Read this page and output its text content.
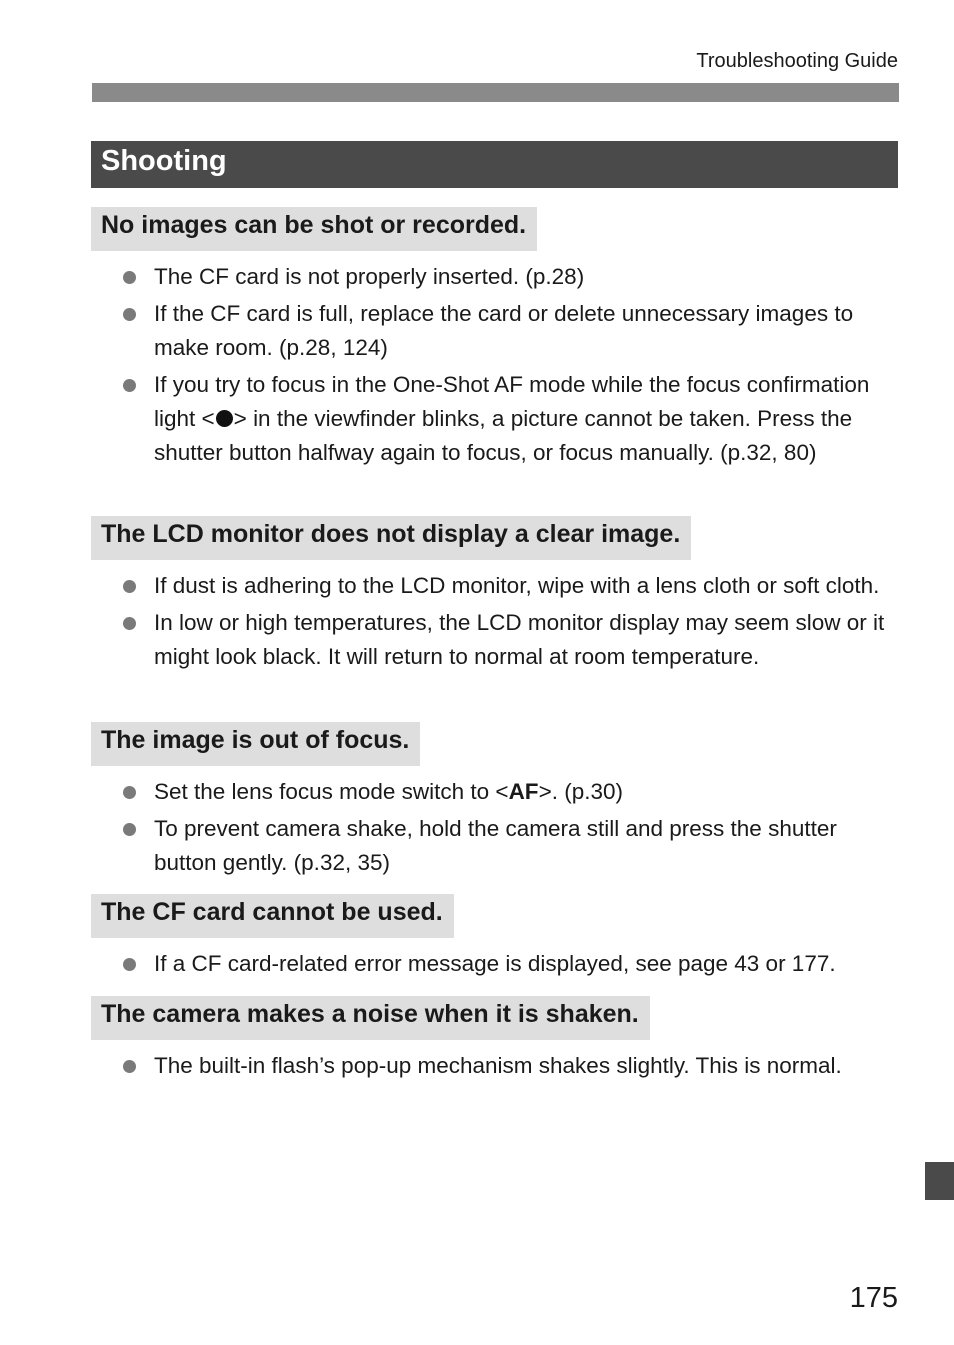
Troubleshooting Guide
Shooting
No images can be shot or recorded.
The CF card is not properly inserted. (p.28)
If the CF card is full, replace the card or delete unnecessary images to make room. (p.28, 124)
If you try to focus in the One-Shot AF mode while the focus confirmation light < > in the viewfinder blinks, a picture cannot be taken. Press the shutter button halfway again to focus, or focus manually. (p.32, 80)
The LCD monitor does not display a clear image.
If dust is adhering to the LCD monitor, wipe with a lens cloth or soft cloth.
In low or high temperatures, the LCD monitor display may seem slow or it might look black. It will return to normal at room temperature.
The image is out of focus.
Set the lens focus mode switch to <AF>. (p.30)
To prevent camera shake, hold the camera still and press the shutter button gently. (p.32, 35)
The CF card cannot be used.
If a CF card-related error message is displayed, see page 43 or 177.
The camera makes a noise when it is shaken.
The built-in flash’s pop-up mechanism shakes slightly. This is normal.
175
